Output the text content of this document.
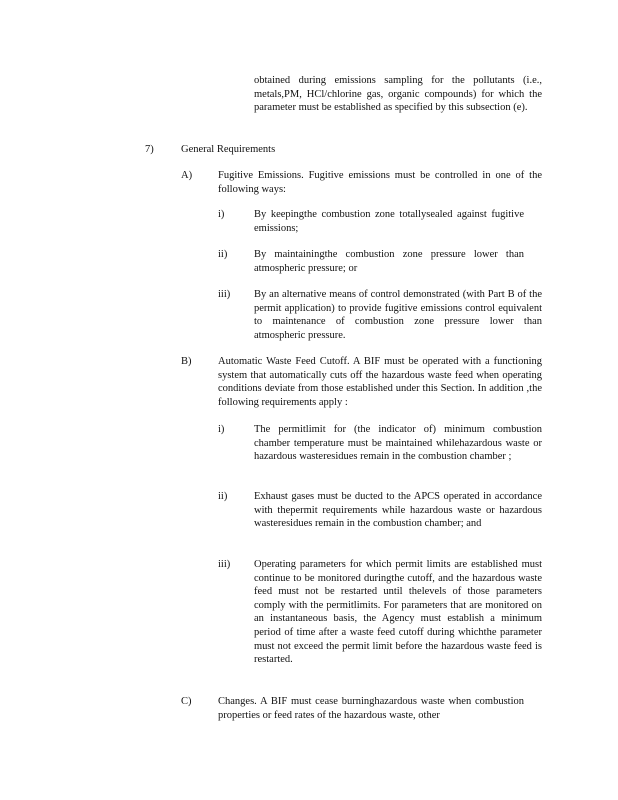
obtained during emissions sampling for the pollutants (i.e., metals,PM, HCl/chlorine gas, organic compounds) for which the parameter must be established as specified by this subsection (e).
7)	General Requirements
A) Fugitive Emissions. Fugitive emissions must be controlled in one of the following ways:
i)	By keepingthe combustion zone totallysealed against fugitive emissions;
ii)	By maintainingthe combustion zone pressure lower than atmospheric pressure; or
iii) By an alternative means of control demonstrated (with Part B of the permit application) to provide fugitive emissions control equivalent to maintenance of combustion zone pressure lower than atmospheric pressure.
B)	Automatic Waste Feed Cutoff. A BIF must be operated with a functioning system that automatically cuts off the hazardous waste feed when operating conditions deviate from those established under this Section. In addition ,the following requirements apply :
i)	The permitlimit for (the indicator of) minimum combustion chamber temperature must be maintained whilehazardous waste or hazardous wasteresidues remain in the combustion chamber ;
ii)	Exhaust gases must be ducted to the APCS operated in accordance with thepermit requirements while hazardous waste or hazardous wasteresidues remain in the combustion chamber; and
iii) Operating parameters for which permit limits are established must continue to be monitored duringthe cutoff, and the hazardous waste feed must not be restarted until thelevels of those parameters comply with the permitlimits. For parameters that are monitored on an instantaneous basis, the Agency must establish a minimum period of time after a waste feed cutoff during whichthe parameter must not exceed the permit limit before the hazardous waste feed is restarted.
C)	Changes. A BIF must cease burninghazardous waste when combustion properties or feed rates of the hazardous waste, other
